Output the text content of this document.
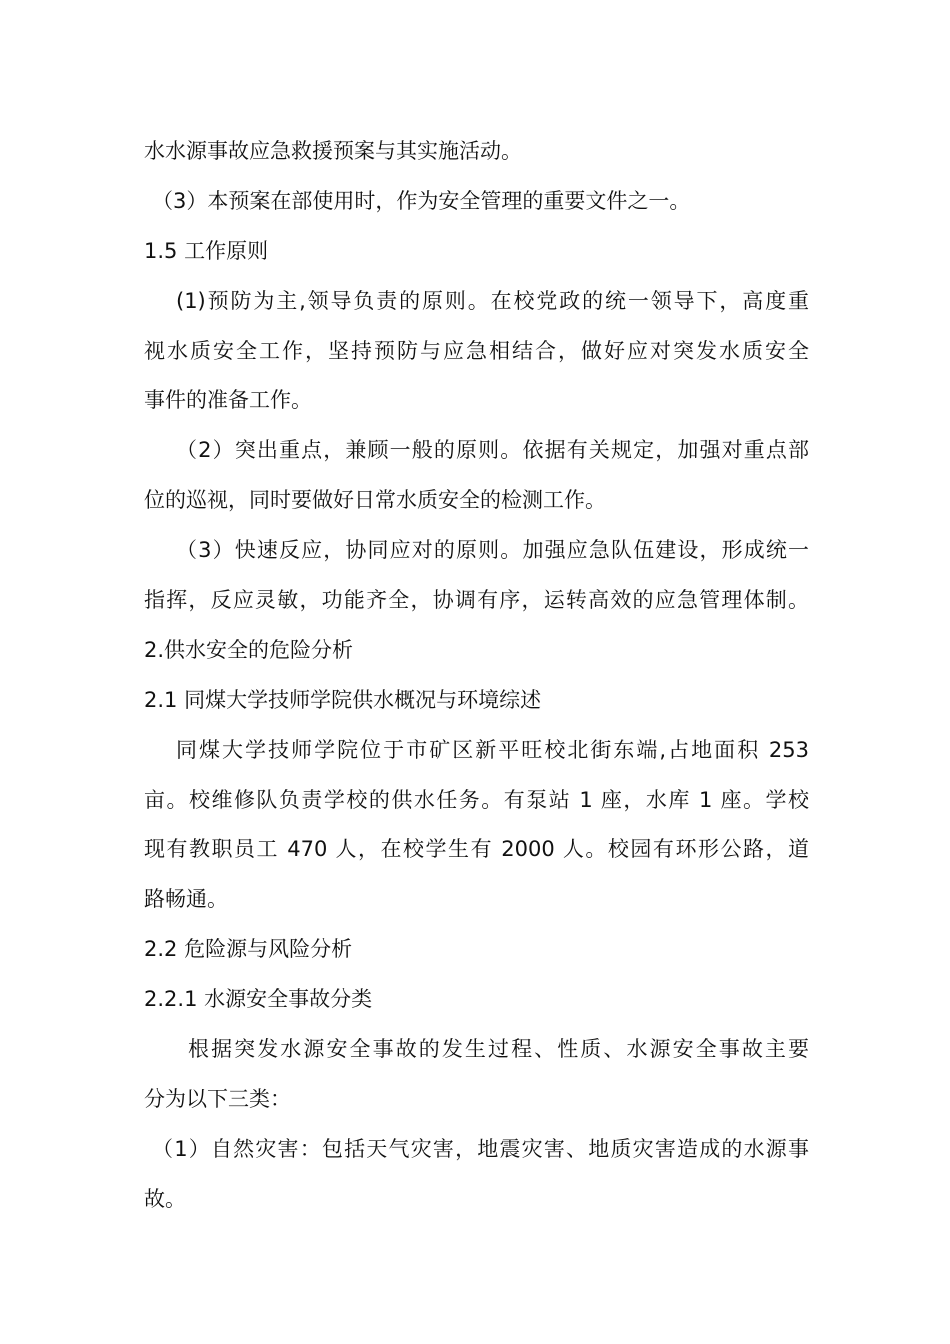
水水源事故应急救援预案与其实施活动。
（3）本预案在部使用时，作为安全管理的重要文件之一。
1.5 工作原则
(1)预防为主,领导负责的原则。在校党政的统一领导下，高度重
视水质安全工作，坚持预防与应急相结合，做好应对突发水质安全
事件的准备工作。
（2）突出重点，兼顾一般的原则。依据有关规定，加强对重点部
位的巡视，同时要做好日常水质安全的检测工作。
（3）快速反应，协同应对的原则。加强应急队伍建设，形成统一
指挥，反应灵敏，功能齐全，协调有序，运转高效的应急管理体制。
2.供水安全的危险分析
2.1 同煤大学技师学院供水概况与环境综述
同煤大学技师学院位于市矿区新平旺校北街东端,占地面积 253
亩。校维修队负责学校的供水任务。有泵站 1 座，水库 1 座。学校
现有教职员工 470 人，在校学生有 2000 人。校园有环形公路，道
路畅通。
2.2 危险源与风险分析
2.2.1 水源安全事故分类
根据突发水源安全事故的发生过程、性质、水源安全事故主要
分为以下三类：
（1）自然灾害：包括天气灾害，地震灾害、地质灾害造成的水源事
故。
